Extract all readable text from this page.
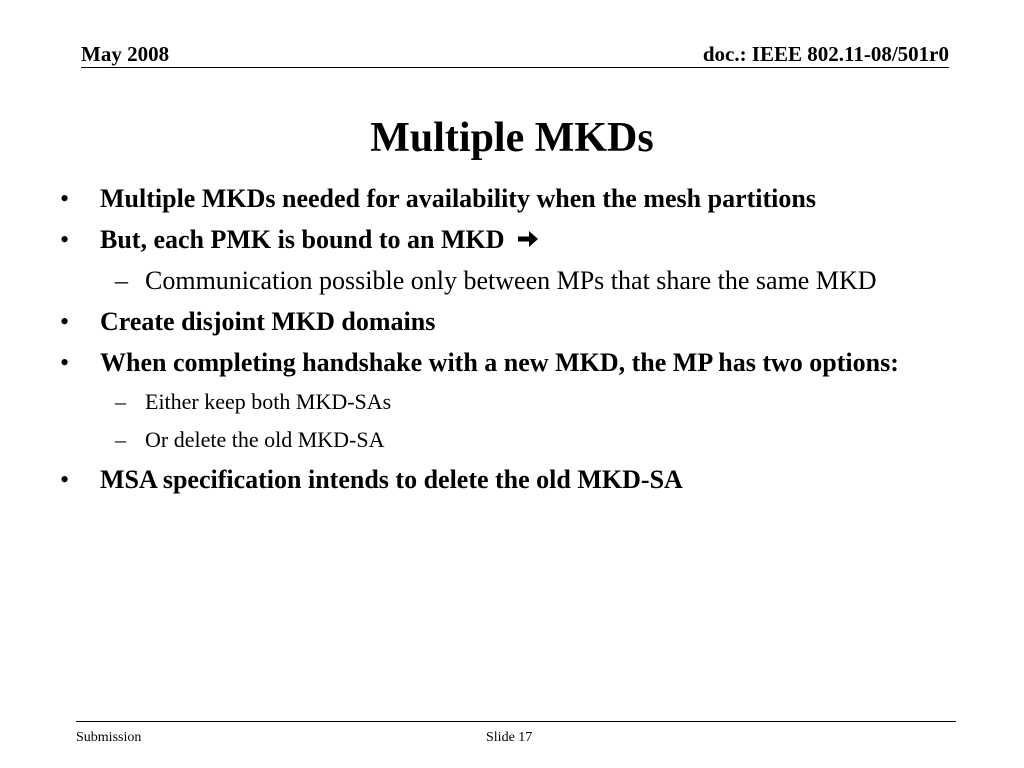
May 2008	doc.: IEEE 802.11-08/501r0
Multiple MKDs
• Multiple MKDs needed for availability when the mesh partitions
• But, each PMK is bound to an MKD
– Communication possible only between MPs that share the same MKD
• Create disjoint MKD domains
• When completing handshake with a new MKD, the MP has two options:
– Either keep both MKD-SAs
– Or delete the old MKD-SA
• MSA specification intends to delete the old MKD-SA
Submission	Slide 17
